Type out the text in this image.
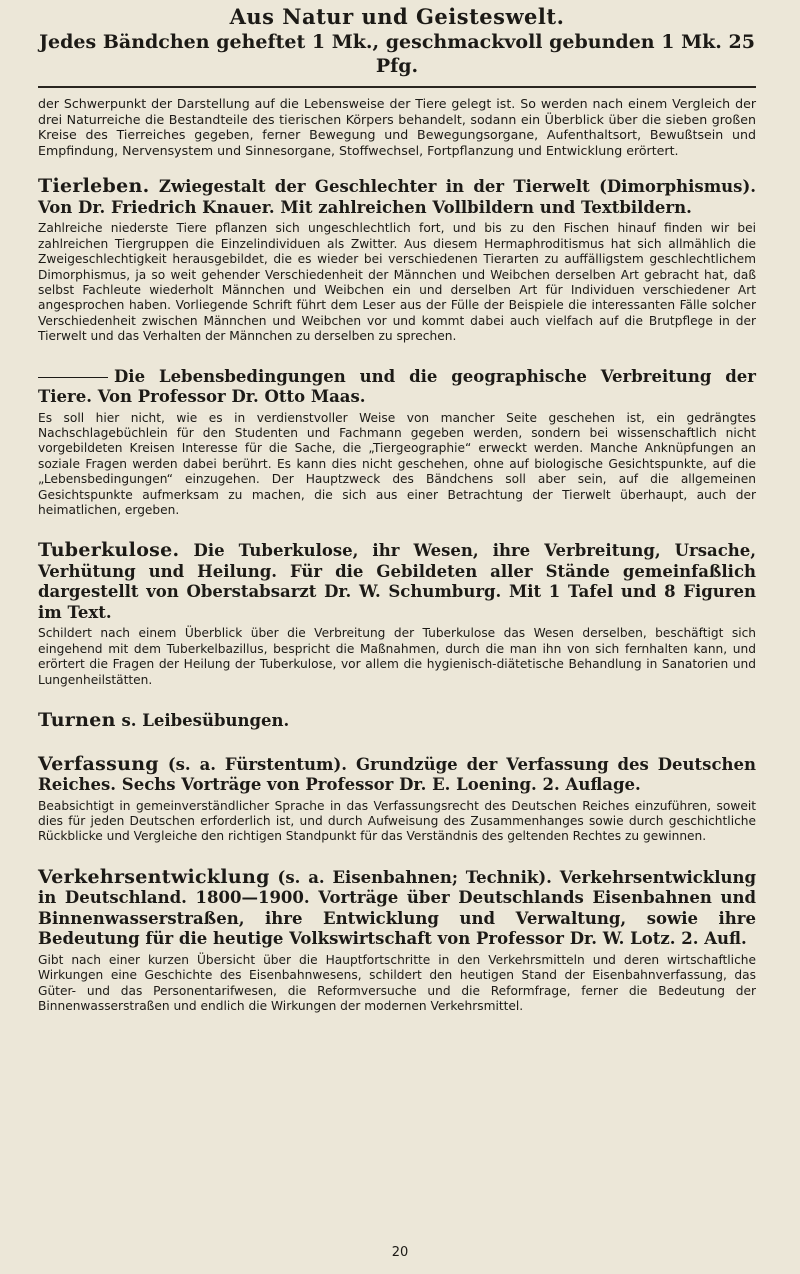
Aus Natur und Geisteswelt.
Jedes Bändchen geheftet 1 Mk., geschmackvoll gebunden 1 Mk. 25 Pfg.

der Schwerpunkt der Darstellung auf die Lebensweise der Tiere gelegt ist. So werden nach einem Vergleich der drei Naturreiche die Bestandteile des tierischen Körpers behandelt, sodann ein Überblick über die sieben großen Kreise des Tierreiches gegeben, ferner Bewegung und Bewegungsorgane, Aufenthaltsort, Bewußtsein und Empfindung, Nervensystem und Sinnesorgane, Stoffwechsel, Fortpflanzung und Entwicklung erörtert.

Tierleben. Zwiegestalt der Geschlechter in der Tierwelt (Dimorphismus). Von Dr. Friedrich Knauer. Mit zahlreichen Vollbildern und Textbildern.
Zahlreiche niederste Tiere pflanzen sich ungeschlechtlich fort, und bis zu den Fischen hinauf finden wir bei zahlreichen Tiergruppen die Einzelindividuen als Zwitter. Aus diesem Hermaphroditismus hat sich allmählich die Zweigeschlechtigkeit herausgebildet, die es wieder bei verschiedenen Tierarten zu auffälligstem geschlechtlichem Dimorphismus, ja so weit gehender Verschiedenheit der Männchen und Weibchen derselben Art gebracht hat, daß selbst Fachleute wiederholt Männchen und Weibchen ein und derselben Art für Individuen verschiedener Art angesprochen haben. Vorliegende Schrift führt dem Leser aus der Fülle der Beispiele die interessanten Fälle solcher Verschiedenheit zwischen Männchen und Weibchen vor und kommt dabei auch vielfach auf die Brutpflege in der Tierwelt und das Verhalten der Männchen zu derselben zu sprechen.
Die Lebensbedingungen und die geographische Verbreitung der Tiere. Von Professor Dr. Otto Maas.
Es soll hier nicht, wie es in verdienstvoller Weise von mancher Seite geschehen ist, ein gedrängtes Nachschlagebüchlein für den Studenten und Fachmann gegeben werden, sondern bei wissenschaftlich nicht vorgebildeten Kreisen Interesse für die Sache, die „Tiergeographie“ erweckt werden. Manche Anknüpfungen an soziale Fragen werden dabei berührt. Es kann dies nicht geschehen, ohne auf biologische Gesichtspunkte, auf die „Lebensbedingungen“ einzugehen. Der Hauptzweck des Bändchens soll aber sein, auf die allgemeinen Gesichtspunkte aufmerksam zu machen, die sich aus einer Betrachtung der Tierwelt überhaupt, auch der heimatlichen, ergeben.
Tuberkulose. Die Tuberkulose, ihr Wesen, ihre Verbreitung, Ursache, Verhütung und Heilung. Für die Gebildeten aller Stände gemeinfaßlich dargestellt von Oberstabsarzt Dr. W. Schumburg. Mit 1 Tafel und 8 Figuren im Text.
Schildert nach einem Überblick über die Verbreitung der Tuberkulose das Wesen derselben, beschäftigt sich eingehend mit dem Tuberkelbazillus, bespricht die Maßnahmen, durch die man ihn von sich fernhalten kann, und erörtert die Fragen der Heilung der Tuberkulose, vor allem die hygienisch-diätetische Behandlung in Sanatorien und Lungenheilstätten.
Turnen s. Leibesübungen.
Verfassung (s. a. Fürstentum). Grundzüge der Verfassung des Deutschen Reiches. Sechs Vorträge von Professor Dr. E. Loening. 2. Auflage.
Beabsichtigt in gemeinverständlicher Sprache in das Verfassungsrecht des Deutschen Reiches einzuführen, soweit dies für jeden Deutschen erforderlich ist, und durch Aufweisung des Zusammenhanges sowie durch geschichtliche Rückblicke und Vergleiche den richtigen Standpunkt für das Verständnis des geltenden Rechtes zu gewinnen.
Verkehrsentwicklung (s. a. Eisenbahnen; Technik). Verkehrsentwicklung in Deutschland. 1800—1900. Vorträge über Deutschlands Eisenbahnen und Binnenwasserstraßen, ihre Entwicklung und Verwaltung, sowie ihre Bedeutung für die heutige Volkswirtschaft von Professor Dr. W. Lotz. 2. Aufl.
Gibt nach einer kurzen Übersicht über die Hauptfortschritte in den Verkehrsmitteln und deren wirtschaftliche Wirkungen eine Geschichte des Eisenbahnwesens, schildert den heutigen Stand der Eisenbahnverfassung, das Güter- und das Personentarifwesen, die Reformversuche und die Reformfrage, ferner die Bedeutung der Binnenwasserstraßen und endlich die Wirkungen der modernen Verkehrsmittel.
20
